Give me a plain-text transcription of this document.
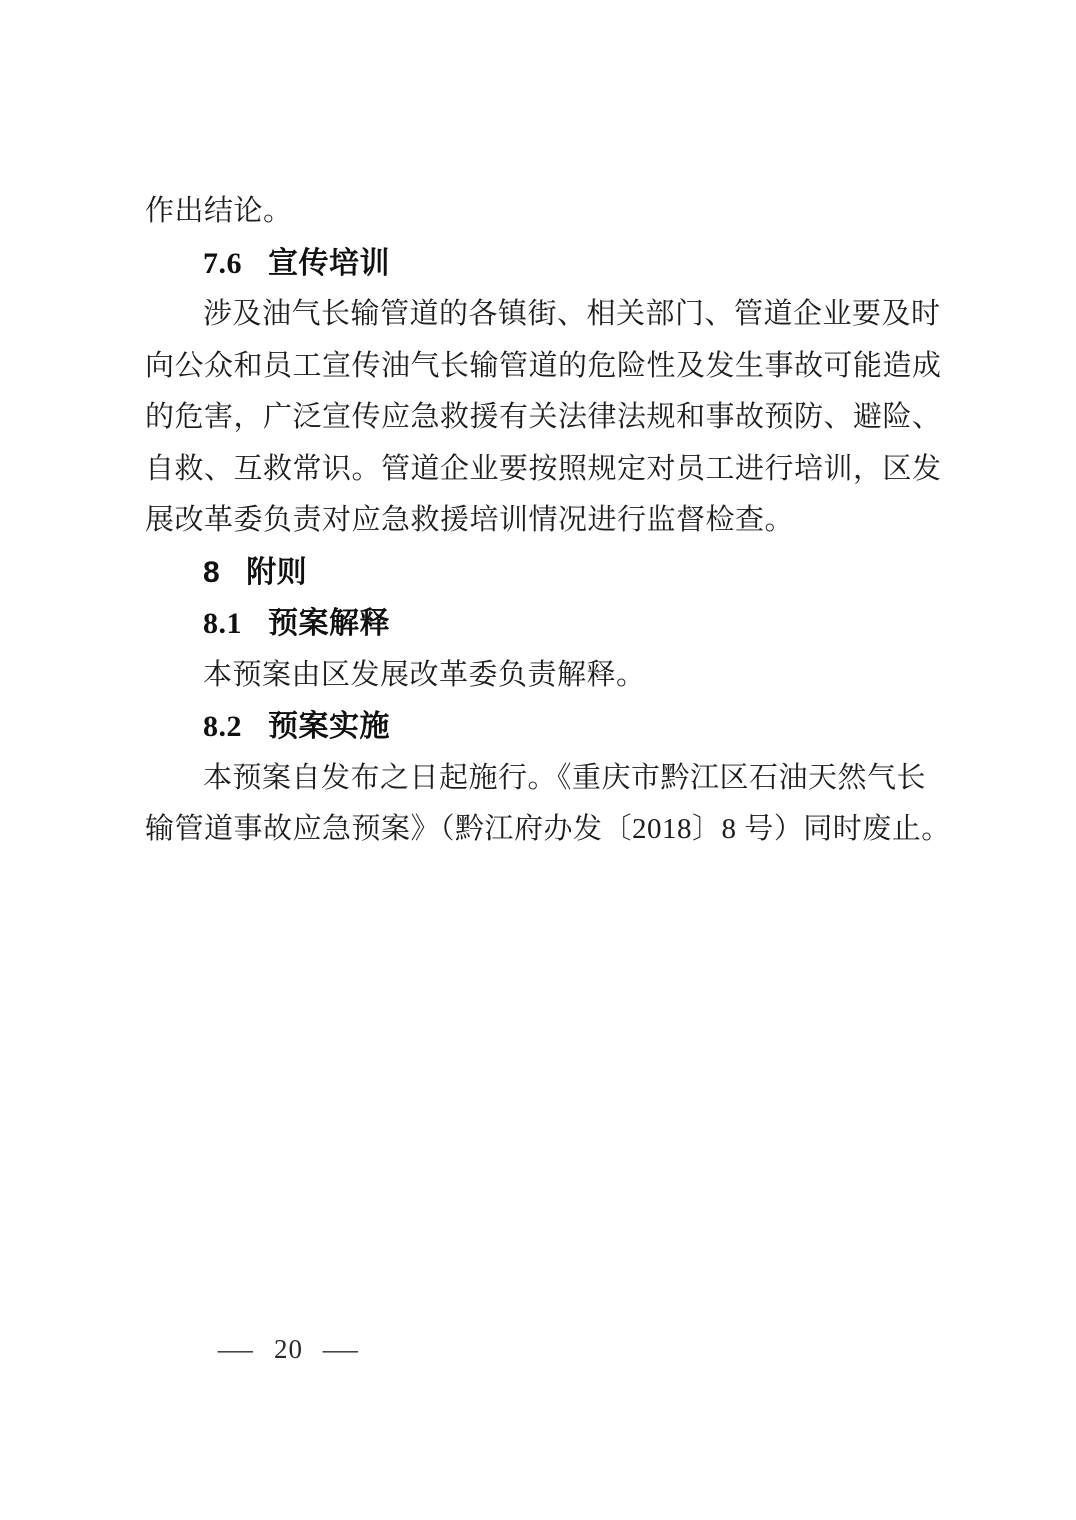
作出结论。
7.6 宣传培训
涉及油气长输管道的各镇街、相关部门、管道企业要及时
向公众和员工宣传油气长输管道的危险性及发生事故可能造成
的危害，广泛宣传应急救援有关法律法规和事故预防、避险、
自救、互救常识。管道企业要按照规定对员工进行培训，区发
展改革委负责对应急救援培训情况进行监督检查。
8 附则
8.1 预案解释
本预案由区发展改革委负责解释。
8.2 预案实施
本预案自发布之日起施行。《重庆市黔江区石油天然气长
输管道事故应急预案》（黔江府办发〔2018〕8 号）同时废止。
— 20 —
